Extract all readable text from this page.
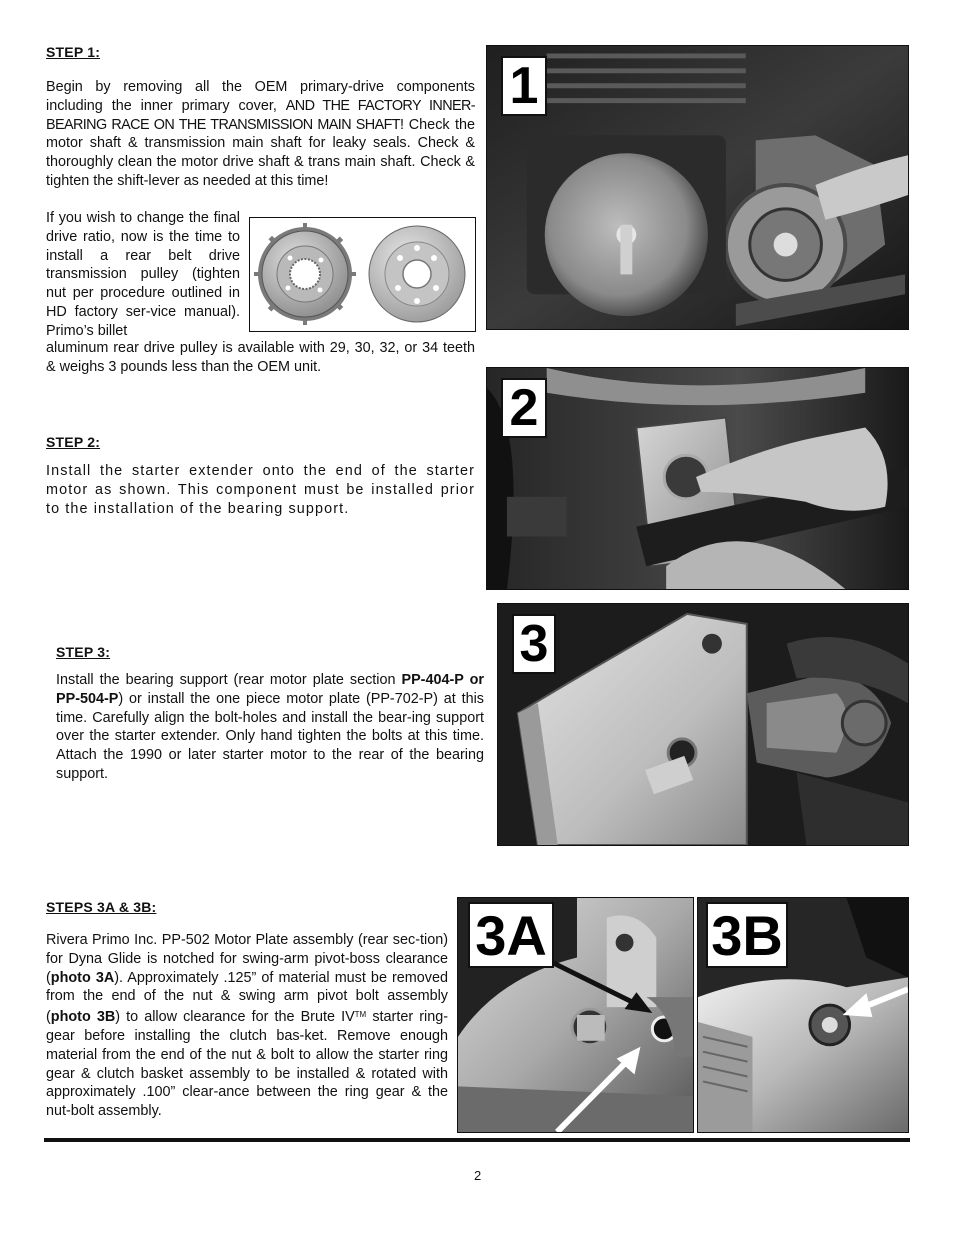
STEP 1:
Begin by removing all the OEM primary-drive components including the inner primary cover, AND THE FACTORY INNER-BEARING RACE ON THE TRANSMISSION MAIN SHAFT! Check the motor shaft & transmission main shaft for leaky seals. Check & thoroughly clean the motor drive shaft & trans main shaft. Check & tighten the shift-lever as needed at this time!
If you wish to change the final drive ratio, now is the time to install a rear belt drive transmission pulley (tighten nut per procedure outlined in HD factory ser-vice manual). Primo’s billet
aluminum rear drive pulley is available with 29, 30, 32, or 34 teeth & weighs 3 pounds less than the OEM unit.
1
STEP 2:
Install the starter extender onto the end of the starter motor as shown. This component must be installed prior to the installation of the bearing support.
2
STEP 3:
Install the bearing support (rear motor plate section PP-404-P or PP-504-P) or install the one piece motor plate (PP-702-P) at this time. Carefully align the bolt-holes and install the bear-ing support over the starter extender. Only hand tighten the bolts at this time. Attach the 1990 or later starter motor to the rear of the bearing support.
3
STEPS 3A & 3B:
Rivera Primo Inc. PP-502 Motor Plate assembly (rear sec-tion) for Dyna Glide is notched for swing-arm pivot-boss clearance (photo 3A). Approximately .125” of material must be removed from the end of the nut & swing arm pivot bolt assembly (photo 3B) to allow clearance for the Brute IV™ starter ring-gear before installing the clutch bas-ket. Remove enough material from the end of the nut & bolt to allow the starter ring gear & clutch basket assembly to be installed & rotated with approximately .100” clear-ance between the ring gear & the nut-bolt assembly.
3A	3B
2
